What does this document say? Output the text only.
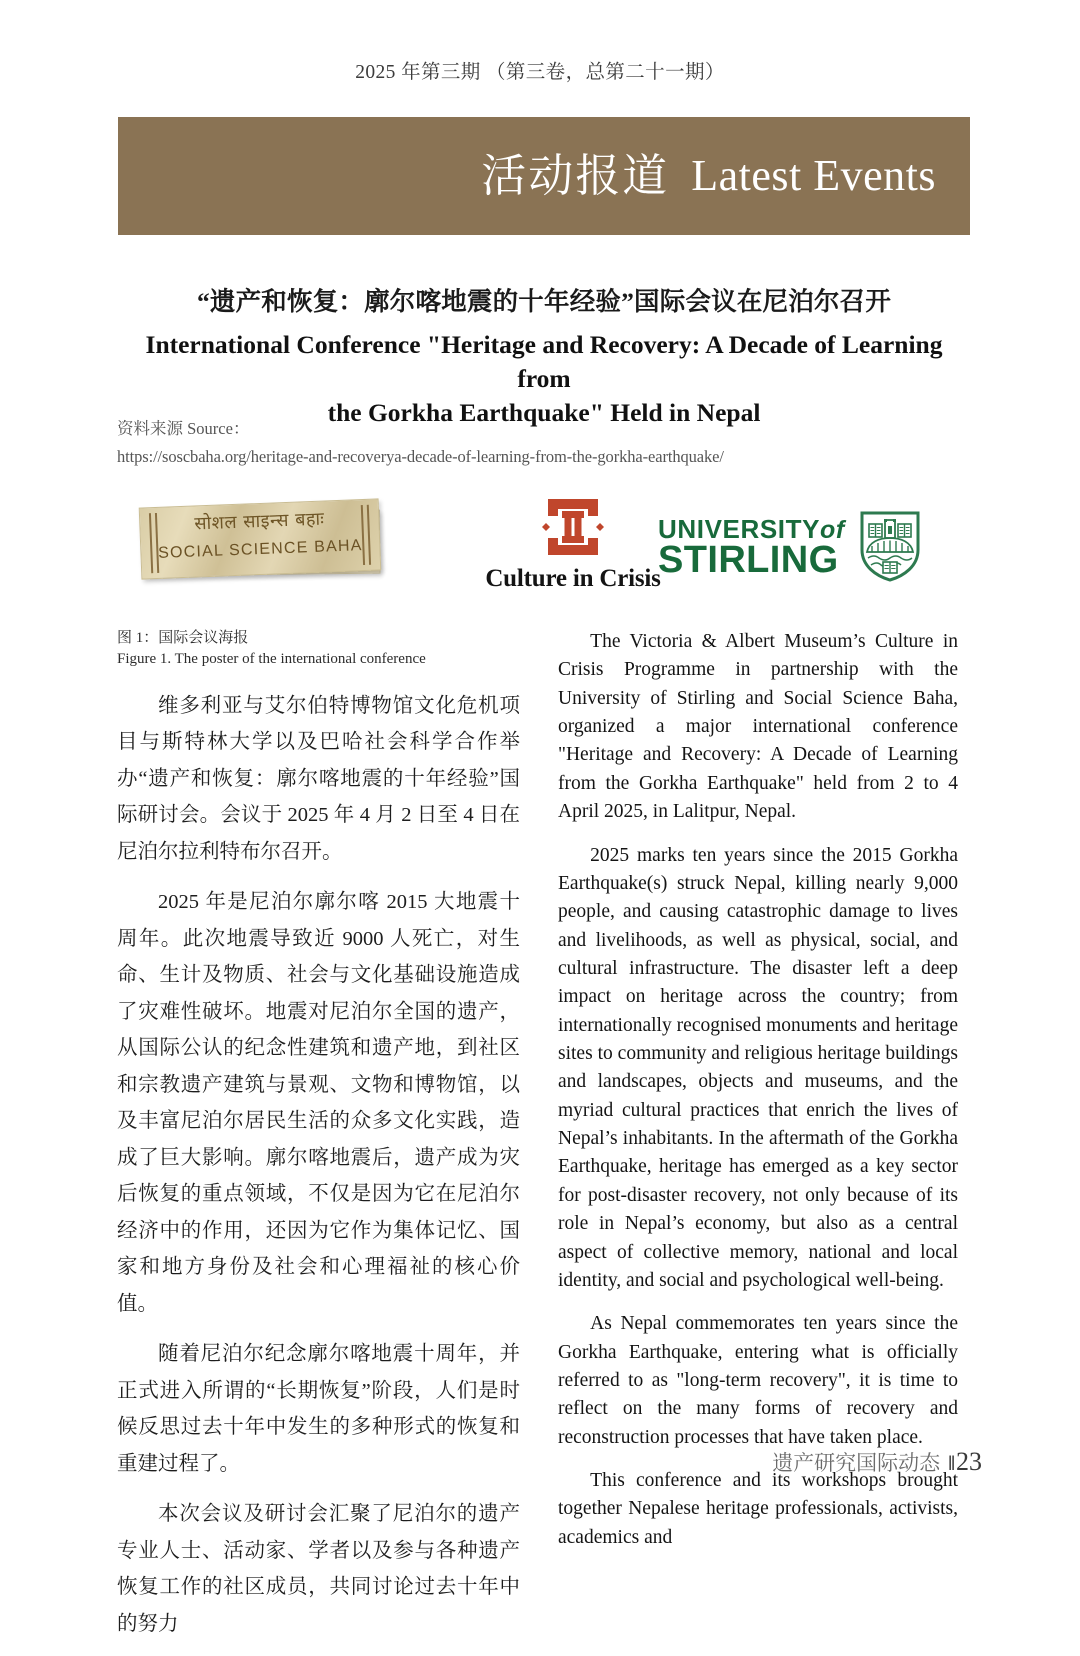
2025 年第三期 （第三卷，总第二十一期）
活动报道 Latest Events
“遗产和恢复：廓尔喀地震的十年经验”国际会议在尼泊尔召开
International Conference "Heritage and Recovery: A Decade of Learning from
the Gorkha Earthquake" Held in Nepal
资料来源 Source：
https://soscbaha.org/heritage-and-recoverya-decade-of-learning-from-the-gorkha-earthquake/
सोशल साइन्स बहाः
SOCIAL SCIENCE BAHA
Culture in Crisis
UNIVERSITYof
STIRLING
图 1：国际会议海报
Figure 1. The poster of the international conference

维多利亚与艾尔伯特博物馆文化危机项目与斯特林大学以及巴哈社会科学合作举办“遗产和恢复：廓尔喀地震的十年经验”国际研讨会。会议于 2025 年 4 月 2 日至 4 日在尼泊尔拉利特布尔召开。

2025 年是尼泊尔廓尔喀 2015 大地震十周年。此次地震导致近 9000 人死亡，对生命、生计及物质、社会与文化基础设施造成了灾难性破坏。地震对尼泊尔全国的遗产，从国际公认的纪念性建筑和遗产地，到社区和宗教遗产建筑与景观、文物和博物馆，以及丰富尼泊尔居民生活的众多文化实践，造成了巨大影响。廓尔喀地震后，遗产成为灾后恢复的重点领域，不仅是因为它在尼泊尔经济中的作用，还因为它作为集体记忆、国家和地方身份及社会和心理福祉的核心价值。

随着尼泊尔纪念廓尔喀地震十周年，并正式进入所谓的“长期恢复”阶段，人们是时候反思过去十年中发生的多种形式的恢复和重建过程了。

本次会议及研讨会汇聚了尼泊尔的遗产专业人士、活动家、学者以及参与各种遗产恢复工作的社区成员，共同讨论过去十年中的努力

The Victoria & Albert Museum’s Culture in Crisis Programme in partnership with the University of Stirling and Social Science Baha, organized a major international conference "Heritage and Recovery: A Decade of Learning from the Gorkha Earthquake" held from 2 to 4 April 2025, in Lalitpur, Nepal.

2025 marks ten years since the 2015 Gorkha Earthquake(s) struck Nepal, killing nearly 9,000 people, and causing catastrophic damage to lives and livelihoods, as well as physical, social, and cultural infrastructure. The disaster left a deep impact on heritage across the country; from internationally recognised monuments and heritage sites to community and religious heritage buildings and landscapes, objects and museums, and the myriad cultural practices that enrich the lives of Nepal’s inhabitants. In the aftermath of the Gorkha Earthquake, heritage has emerged as a key sector for post-disaster recovery, not only because of its role in Nepal’s economy, but also as a central aspect of collective memory, national and local identity, and social and psychological well-being.

As Nepal commemorates ten years since the Gorkha Earthquake, entering what is officially referred to as "long-term recovery", it is time to reflect on the many forms of recovery and reconstruction processes that have taken place.

This conference and its workshops brought together Nepalese heritage professionals, activists, academics and

遗产研究国际动态 ‖23
